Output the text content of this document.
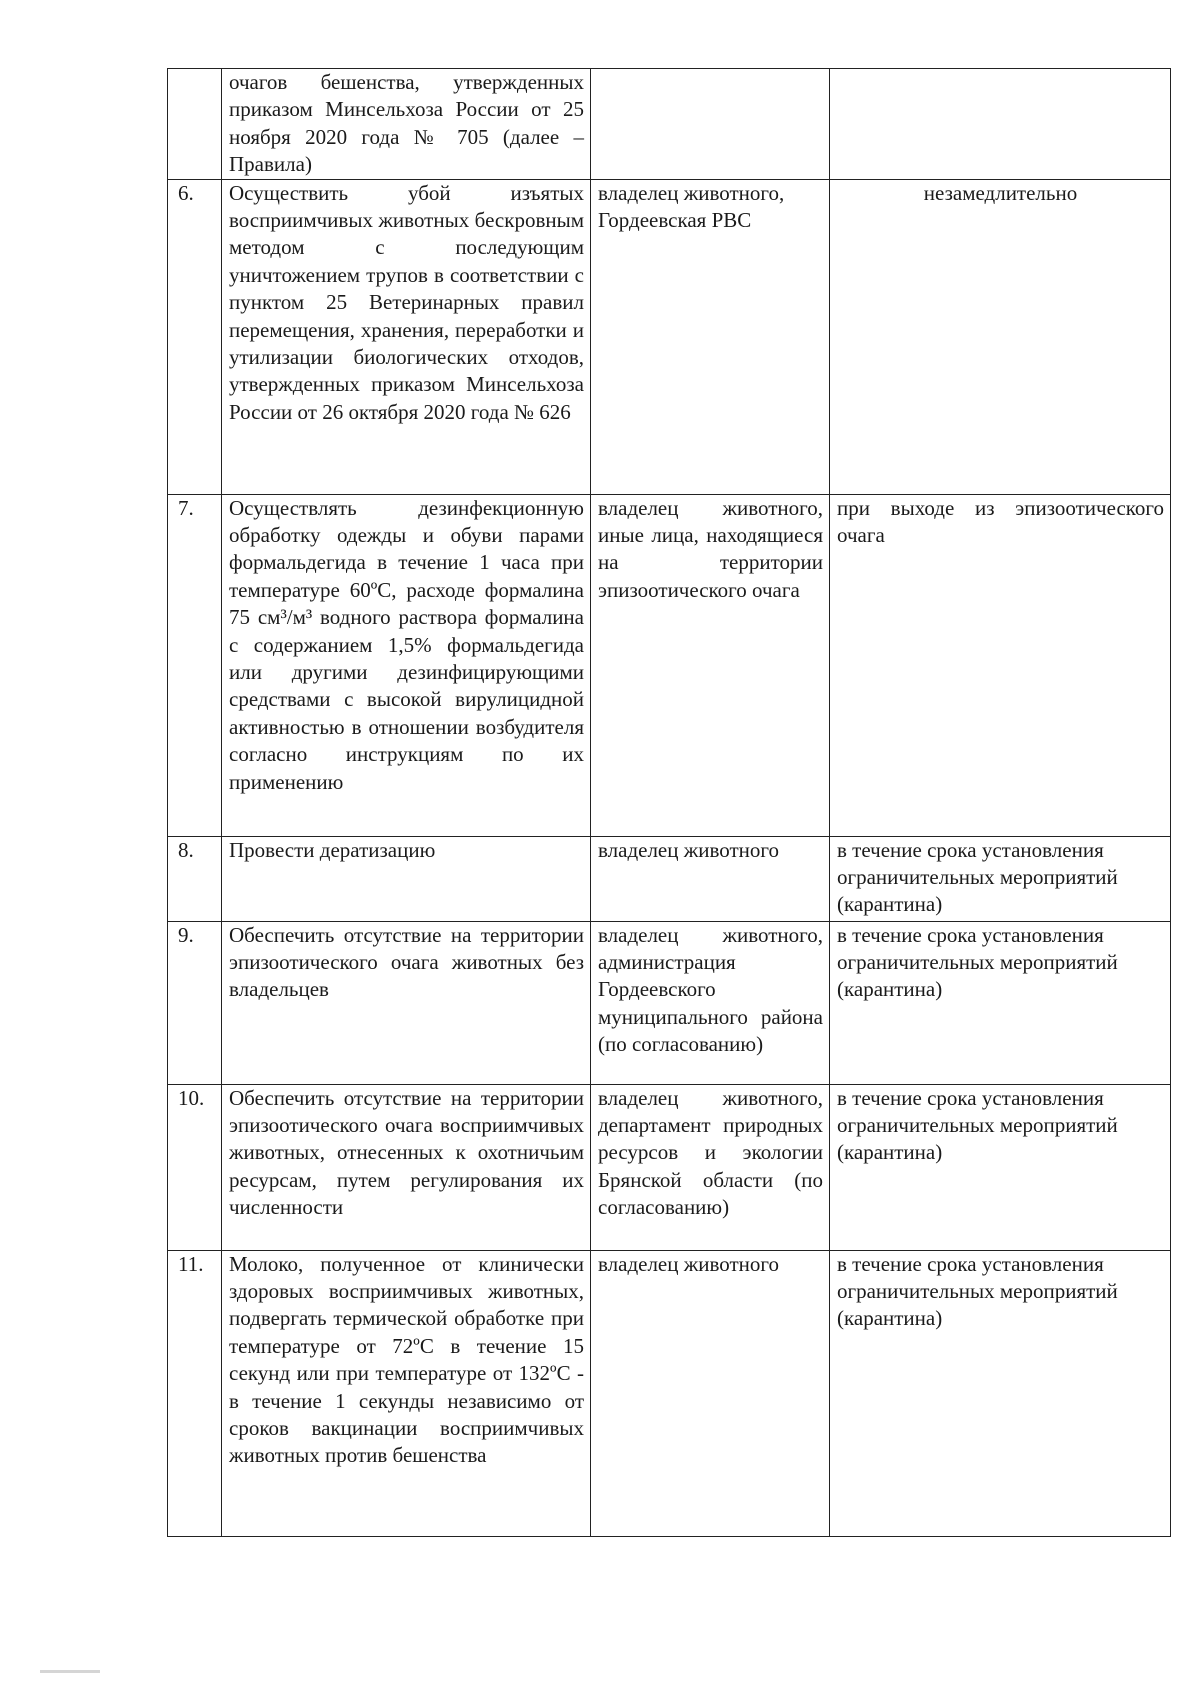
	очагов бешенства, утвержденных приказом Минсельхоза России от 25 ноября 2020 года № 705 (далее – Правила)		
6.	Осуществить убой изъятых восприимчивых животных бескровным методом с последующим уничтожением трупов в соответствии с пунктом 25 Ветеринарных правил перемещения, хранения, переработки и утилизации биологических отходов, утвержденных приказом Минсельхоза России от 26 октября 2020 года № 626	владелец животного, Гордеевская РВС	незамедлительно
7.	Осуществлять дезинфекционную обработку одежды и обуви парами формальдегида в течение 1 часа при температуре 60ºС, расходе формалина 75 см³/м³ водного раствора формалина с содержанием 1,5% формальдегида или другими дезинфицирующими средствами с высокой вирулицидной активностью в отношении возбудителя согласно инструкциям по их применению	владелец животного, иные лица, находящиеся на территории эпизоотического очага	при выходе из эпизоотического очага
8.	Провести дератизацию	владелец животного	в течение срока установления ограничительных мероприятий (карантина)
9.	Обеспечить отсутствие на территории эпизоотического очага животных без владельцев	владелец животного, администрация Гордеевского муниципального района (по согласованию)	в течение срока установления ограничительных мероприятий (карантина)
10.	Обеспечить отсутствие на территории эпизоотического очага восприимчивых животных, отнесенных к охотничьим ресурсам, путем регулирования их численности	владелец животного, департамент природных ресурсов и экологии Брянской области (по согласованию)	в течение срока установления ограничительных мероприятий (карантина)
11.	Молоко, полученное от клинически здоровых восприимчивых животных, подвергать термической обработке при температуре от 72ºС в течение 15 секунд или при температуре от 132ºС - в течение 1 секунды независимо от сроков вакцинации восприимчивых животных против бешенства	владелец животного	в течение срока установления ограничительных мероприятий (карантина)
